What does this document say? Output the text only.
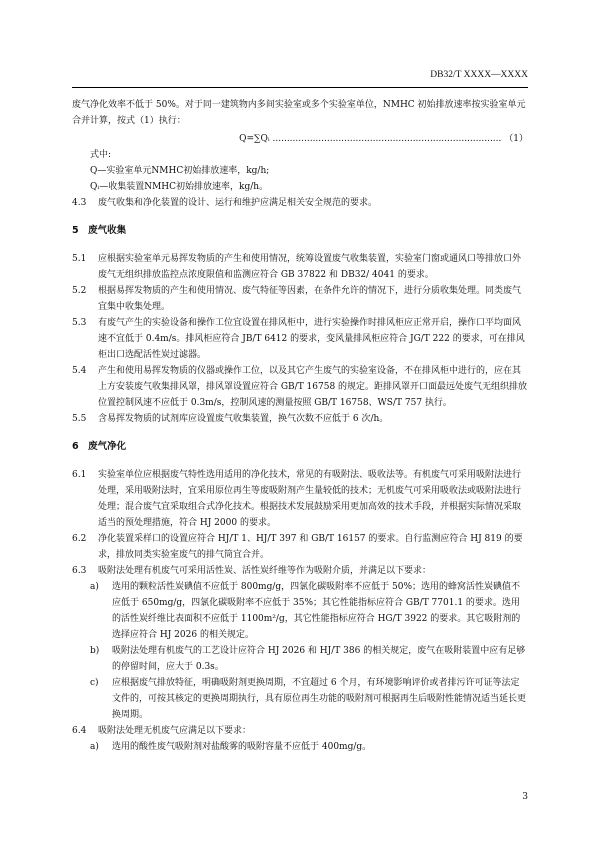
DB32/T XXXX—XXXX

废气净化效率不低于 50%。对于同一建筑物内多间实验室或多个实验室单位，NMHC 初始排放速率按实验室单元合并计算，按式（1）执行：

Q=∑Qᵢ ................................................................................ （1）

式中:

Q—实验室单元NMHC初始排放速率，kg/h;

Qᵢ—收集装置NMHC初始排放速率，kg/h。

4.3	废气收集和净化装置的设计、运行和维护应满足相关安全规范的要求。
5　废气收集
5.1	应根据实验室单元易挥发物质的产生和使用情况，统筹设置废气收集装置，实验室门窗或通风口等排放口外废气无组织排放监控点浓度限值和监测应符合 GB 37822 和 DB32/ 4041 的要求。
5.2	根据易挥发物质的产生和使用情况、废气特征等因素，在条件允许的情况下，进行分质收集处理。同类废气宜集中收集处理。
5.3	有废气产生的实验设备和操作工位宜设置在排风柜中，进行实验操作时排风柜应正常开启，操作口平均面风速不宜低于 0.4m/s。排风柜应符合 JB/T 6412 的要求，变风量排风柜应符合 JG/T 222 的要求，可在排风柜出口选配活性炭过滤器。
5.4	产生和使用易挥发物质的仪器或操作工位，以及其它产生废气的实验室设备，不在排风柜中进行的，应在其上方安装废气收集排风罩，排风罩设置应符合 GB/T 16758 的规定。距排风罩开口面最远处废气无组织排放位置控制风速不应低于 0.3m/s，控制风速的测量按照 GB/T 16758、WS/T 757 执行。
5.5	含易挥发物质的试剂库应设置废气收集装置，换气次数不应低于 6 次/h。
6　废气净化
6.1	实验室单位应根据废气特性选用适用的净化技术，常见的有吸附法、吸收法等。有机废气可采用吸附法进行处理，采用吸附法时，宜采用原位再生等废吸附剂产生量较低的技术；无机废气可采用吸收法或吸附法进行处理；混合废气宜采取组合式净化技术。根据技术发展鼓励采用更加高效的技术手段，并根据实际情况采取适当的预处理措施，符合 HJ 2000 的要求。
6.2	净化装置采样口的设置应符合 HJ/T 1、HJ/T 397 和 GB/T 16157 的要求。自行监测应符合 HJ 819 的要求，排放同类实验室废气的排气筒宜合并。
6.3	吸附法处理有机废气可采用活性炭、活性炭纤维等作为吸附介质，并满足以下要求：
a)	选用的颗粒活性炭碘值不应低于 800mg/g，四氯化碳吸附率不应低于 50%；选用的蜂窝活性炭碘值不应低于 650mg/g，四氯化碳吸附率不应低于 35%；其它性能指标应符合 GB/T 7701.1 的要求。选用的活性炭纤维比表面积不应低于 1100m²/g，其它性能指标应符合 HG/T 3922 的要求。其它吸附剂的选择应符合 HJ 2026 的相关规定。
b)	吸附法处理有机废气的工艺设计应符合 HJ 2026 和 HJ/T 386 的相关规定，废气在吸附装置中应有足够的停留时间，应大于 0.3s。
c)	应根据废气排放特征，明确吸附剂更换周期，不宜超过 6 个月，有环境影响评价或者排污许可证等法定文件的，可按其核定的更换周期执行，具有原位再生功能的吸附剂可根据再生后吸附性能情况适当延长更换周期。
6.4	吸附法处理无机废气应满足以下要求：
a)	选用的酸性废气吸附剂对盐酸雾的吸附容量不应低于 400mg/g。
3
